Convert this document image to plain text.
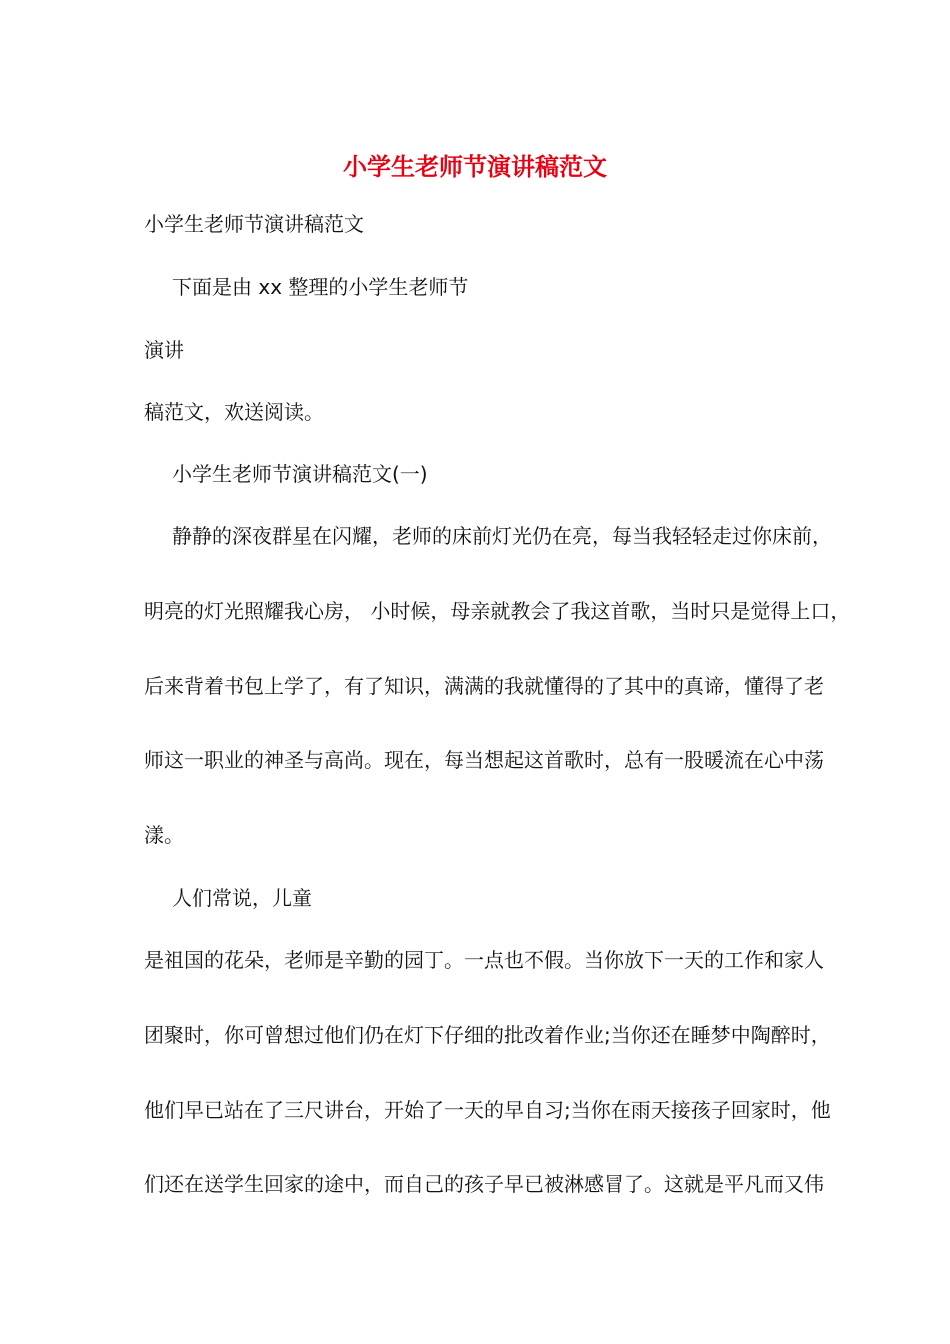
小学生老师节演讲稿范文
小学生老师节演讲稿范文
下面是由 xx 整理的小学生老师节
演讲
稿范文，欢送阅读。
小学生老师节演讲稿范文(一)
静静的深夜群星在闪耀，老师的床前灯光仍在亮，每当我轻轻走过你床前，
明亮的灯光照耀我心房， 小时候，母亲就教会了我这首歌，当时只是觉得上口，
后来背着书包上学了，有了知识，满满的我就懂得的了其中的真谛，懂得了老
师这一职业的神圣与高尚。现在，每当想起这首歌时，总有一股暖流在心中荡
漾。
人们常说，儿童
是祖国的花朵，老师是辛勤的园丁。一点也不假。当你放下一天的工作和家人
团聚时，你可曾想过他们仍在灯下仔细的批改着作业;当你还在睡梦中陶醉时，
他们早已站在了三尺讲台，开始了一天的早自习;当你在雨天接孩子回家时，他
们还在送学生回家的途中，而自己的孩子早已被淋感冒了。这就是平凡而又伟
